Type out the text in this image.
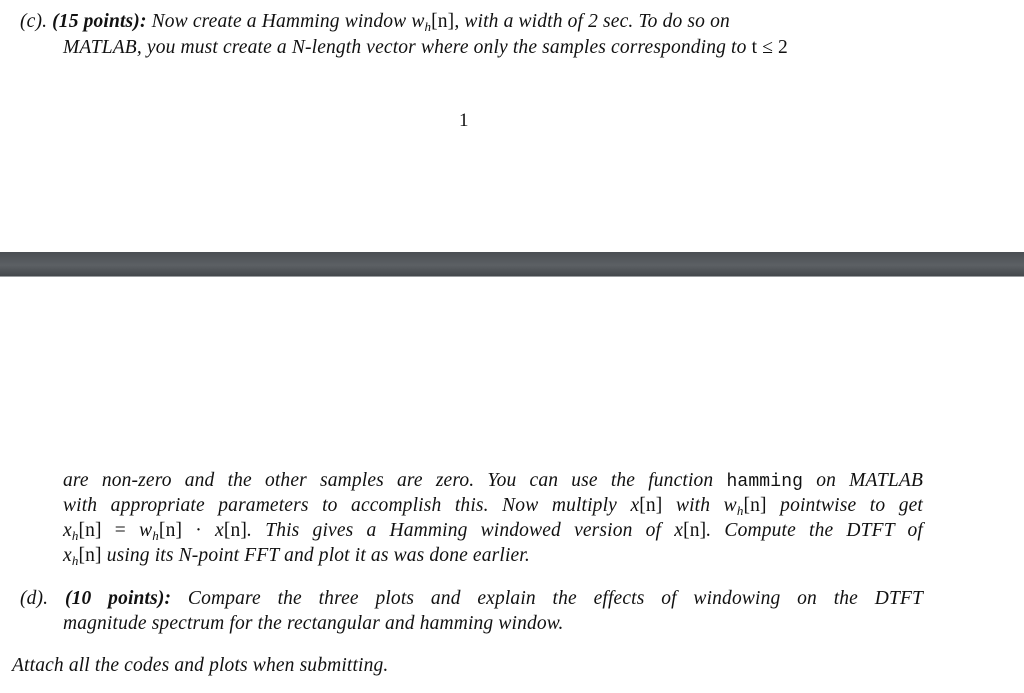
(c). (15 points): Now create a Hamming window $w_h[n]$, with a width of 2 sec. To do so on
MATLAB, you must create a N-length vector where only the samples corresponding to t ≤ 2
1
are non-zero and the other samples are zero. You can use the function hamming on MATLAB
with appropriate parameters to accomplish this. Now multiply x[n] with $w_h[n]$ pointwise to get
$x_h[n] = w_h[n] \cdot x[n]$. This gives a Hamming windowed version of x[n]. Compute the DTFT of
$x_h[n]$ using its N-point FFT and plot it as was done earlier.
(d). (10 points): Compare the three plots and explain the effects of windowing on the DTFT
magnitude spectrum for the rectangular and hamming window.
Attach all the codes and plots when submitting.
